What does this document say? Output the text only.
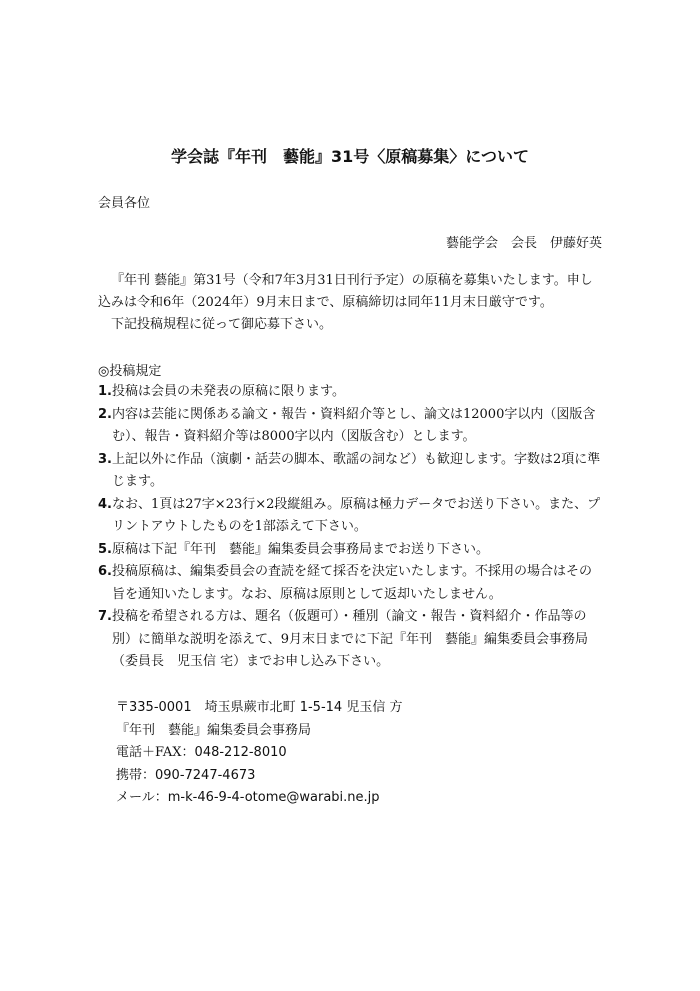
学会誌『年刊　藝能』31号〈原稿募集〉について
会員各位
藝能学会　会長　伊藤好英

『年刊 藝能』第31号（令和7年3月31日刊行予定）の原稿を募集いたします。申し込みは令和6年（2024年）9月末日まで、原稿締切は同年11月末日厳守です。

下記投稿規程に従って御応募下さい。

◎投稿規定
1.投稿は会員の未発表の原稿に限ります。
2.内容は芸能に関係ある論文・報告・資料紹介等とし、論文は12000字以内（図版含む）、報告・資料紹介等は8000字以内（図版含む）とします。
3.上記以外に作品（演劇・話芸の脚本、歌謡の詞など）も歓迎します。字数は2項に準じます。
4.なお、1頁は27字×23行×2段縦組み。原稿は極力データでお送り下さい。また、プリントアウトしたものを1部添えて下さい。
5.原稿は下記『年刊　藝能』編集委員会事務局までお送り下さい。
6.投稿原稿は、編集委員会の査読を経て採否を決定いたします。不採用の場合はその旨を通知いたします。なお、原稿は原則として返却いたしません。
7.投稿を希望される方は、題名（仮題可）・種別（論文・報告・資料紹介・作品等の別）に簡単な説明を添えて、9月末日までに下記『年刊　藝能』編集委員会事務局（委員長　児玉信 宅）までお申し込み下さい。
〒335-0001　埼玉県蕨市北町 1-5-14 児玉信 方
『年刊　藝能』編集委員会事務局
電話＋FAX：048-212-8010
携帯：090-7247-4673
メール：m-k-46-9-4-otome@warabi.ne.jp
